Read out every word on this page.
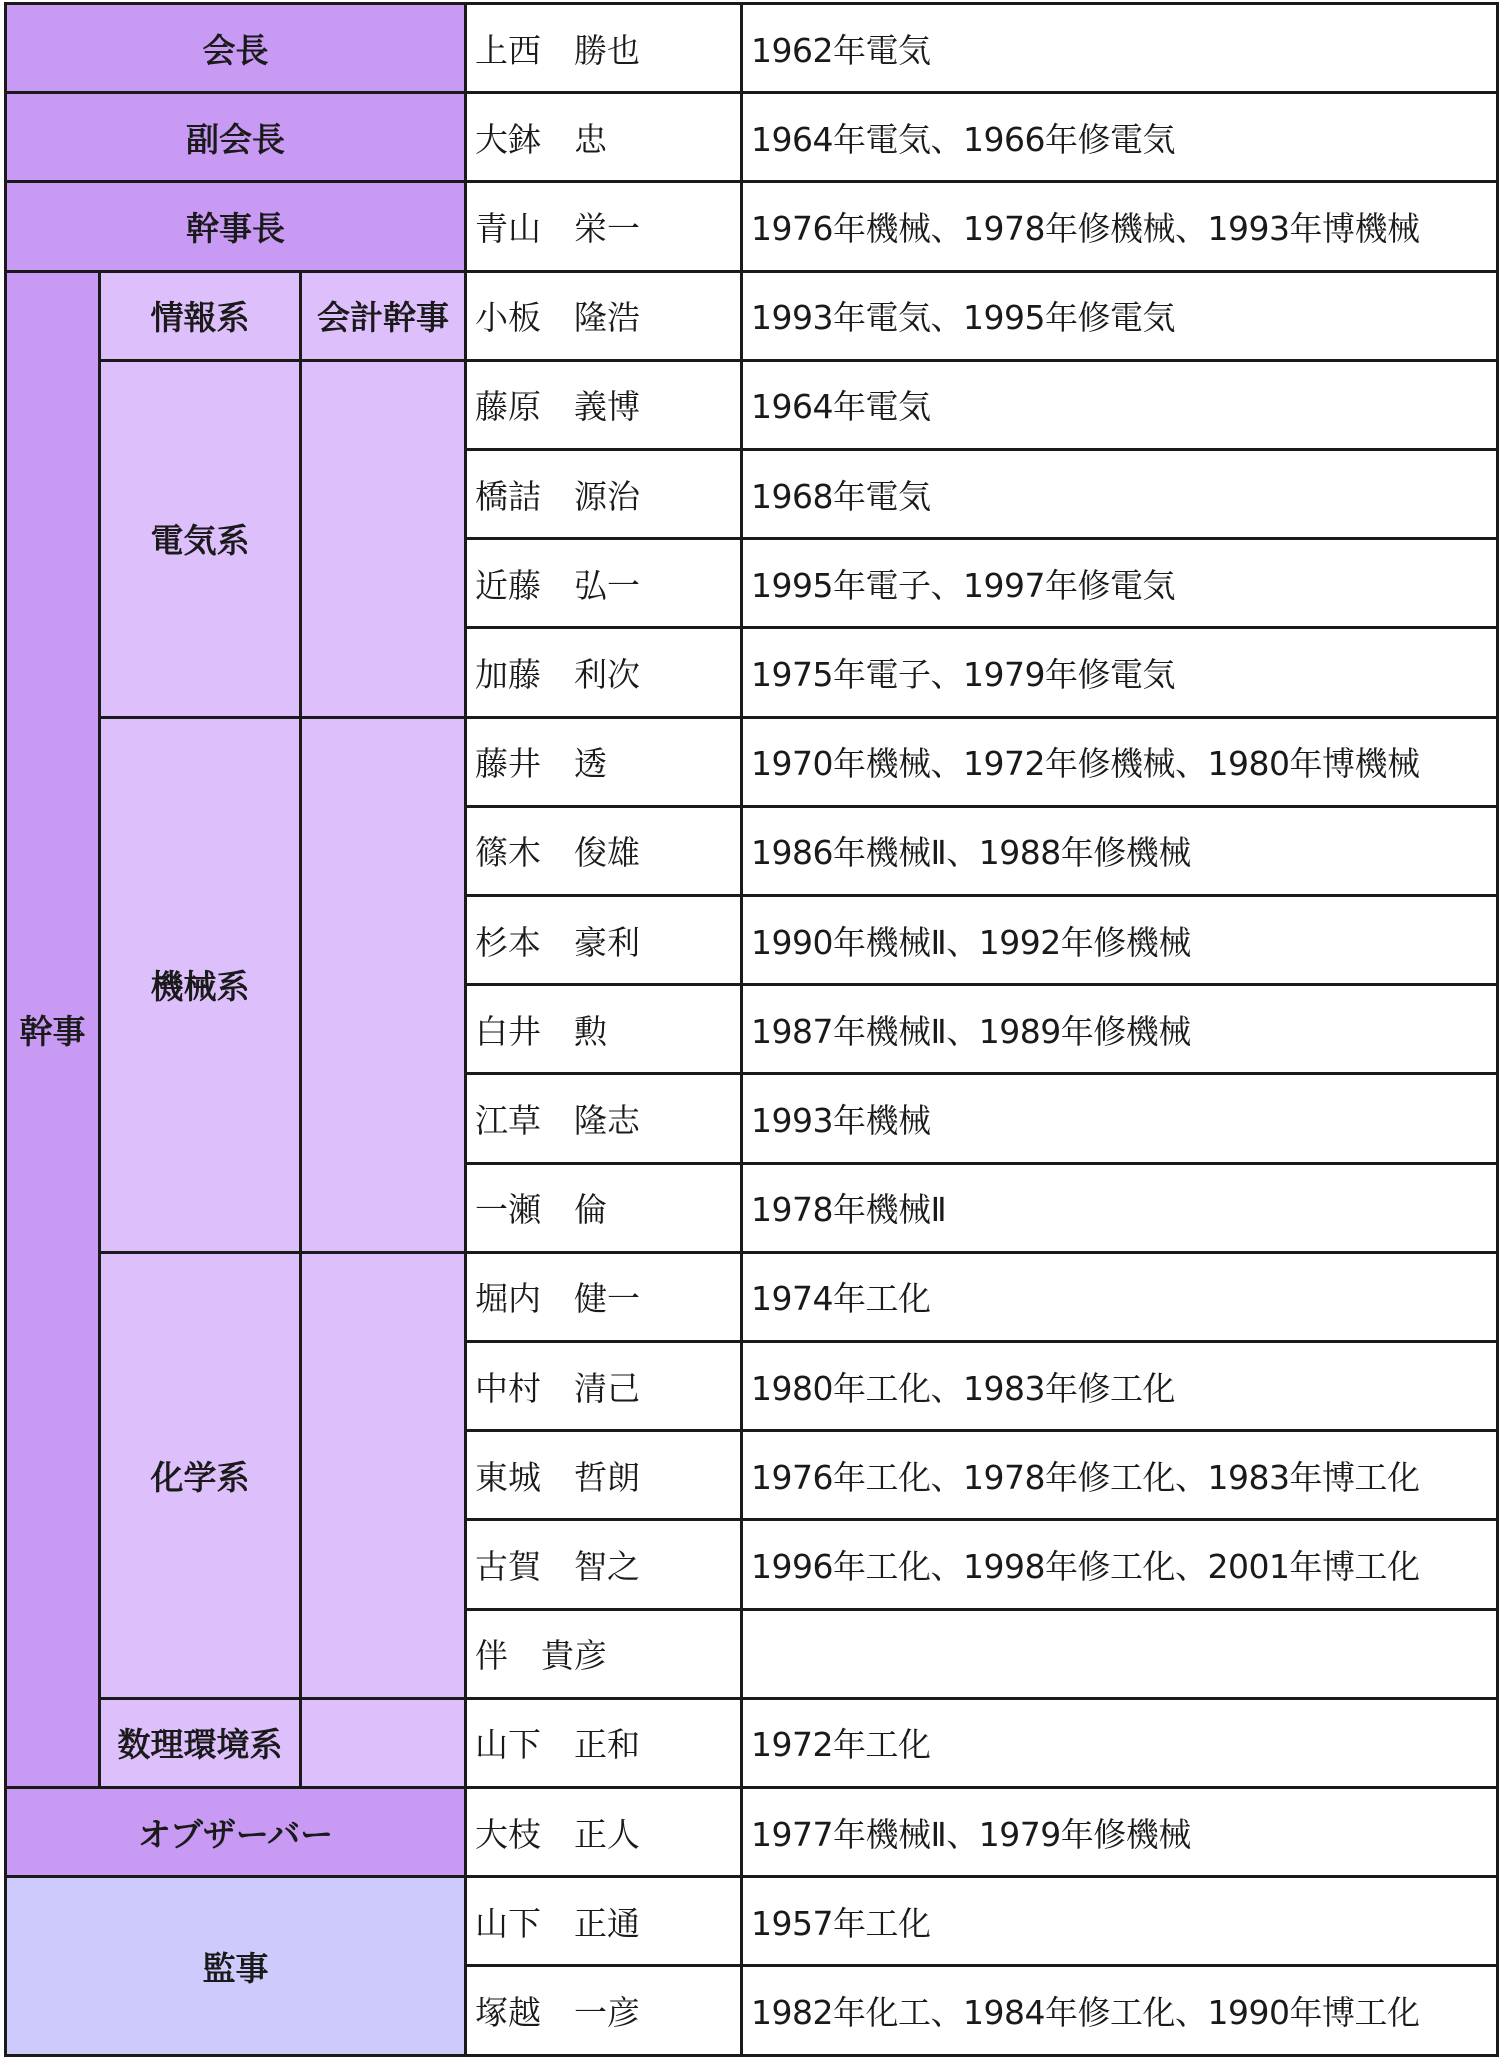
会長			上西　勝也	1962年電気
副会長			大鉢　忠	1964年電気、1966年修電気
幹事長			青山　栄一	1976年機械、1978年修機械、1993年博機械
幹事	情報系	会計幹事	小板　隆浩	1993年電気、1995年修電気
	電気系		藤原　義博	1964年電気
			橋詰　源治	1968年電気
			近藤　弘一	1995年電子、1997年修電気
			加藤　利次	1975年電子、1979年修電気
	機械系		藤井　透	1970年機械、1972年修機械、1980年博機械
			篠木　俊雄	1986年機械Ⅱ、1988年修機械
			杉本　豪利	1990年機械Ⅱ、1992年修機械
			白井　勲	1987年機械Ⅱ、1989年修機械
			江草　隆志	1993年機械
			一瀬　倫	1978年機械Ⅱ
	化学系		堀内　健一	1974年工化
			中村　清己	1980年工化、1983年修工化
			東城　哲朗	1976年工化、1978年修工化、1983年博工化
			古賀　智之	1996年工化、1998年修工化、2001年博工化
			伴　貴彦	
	数理環境系		山下　正和	1972年工化
オブザーバー			大枝　正人	1977年機械Ⅱ、1979年修機械
監事			山下　正通	1957年工化
			塚越　一彦	1982年化工、1984年修工化、1990年博工化
